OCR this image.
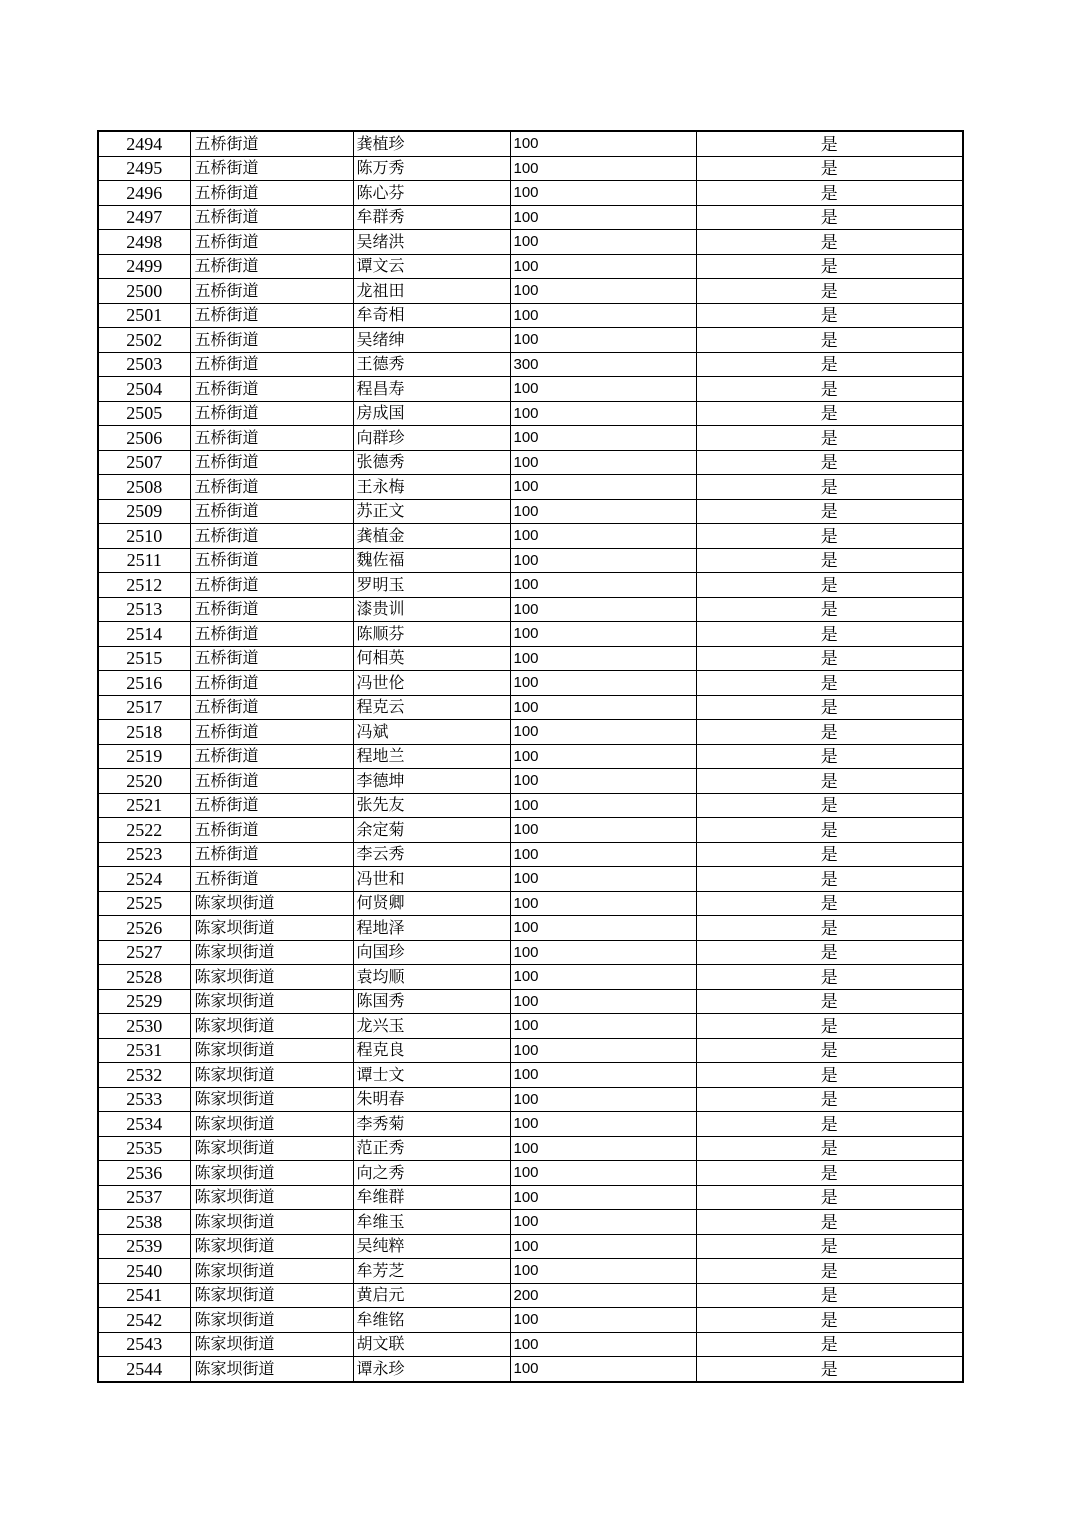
2494	五桥街道	龚植珍	100	是
2495	五桥街道	陈万秀	100	是
2496	五桥街道	陈心芬	100	是
2497	五桥街道	牟群秀	100	是
2498	五桥街道	吴绪洪	100	是
2499	五桥街道	谭文云	100	是
2500	五桥街道	龙祖田	100	是
2501	五桥街道	牟奇相	100	是
2502	五桥街道	吴绪绅	100	是
2503	五桥街道	王德秀	300	是
2504	五桥街道	程昌寿	100	是
2505	五桥街道	房成国	100	是
2506	五桥街道	向群珍	100	是
2507	五桥街道	张德秀	100	是
2508	五桥街道	王永梅	100	是
2509	五桥街道	苏正文	100	是
2510	五桥街道	龚植金	100	是
2511	五桥街道	魏佐福	100	是
2512	五桥街道	罗明玉	100	是
2513	五桥街道	漆贵训	100	是
2514	五桥街道	陈顺芬	100	是
2515	五桥街道	何相英	100	是
2516	五桥街道	冯世伦	100	是
2517	五桥街道	程克云	100	是
2518	五桥街道	冯斌	100	是
2519	五桥街道	程地兰	100	是
2520	五桥街道	李德坤	100	是
2521	五桥街道	张先友	100	是
2522	五桥街道	余定菊	100	是
2523	五桥街道	李云秀	100	是
2524	五桥街道	冯世和	100	是
2525	陈家坝街道	何贤卿	100	是
2526	陈家坝街道	程地泽	100	是
2527	陈家坝街道	向国珍	100	是
2528	陈家坝街道	袁均顺	100	是
2529	陈家坝街道	陈国秀	100	是
2530	陈家坝街道	龙兴玉	100	是
2531	陈家坝街道	程克良	100	是
2532	陈家坝街道	谭士文	100	是
2533	陈家坝街道	朱明春	100	是
2534	陈家坝街道	李秀菊	100	是
2535	陈家坝街道	范正秀	100	是
2536	陈家坝街道	向之秀	100	是
2537	陈家坝街道	牟维群	100	是
2538	陈家坝街道	牟维玉	100	是
2539	陈家坝街道	吴纯粹	100	是
2540	陈家坝街道	牟芳芝	100	是
2541	陈家坝街道	黄启元	200	是
2542	陈家坝街道	牟维铭	100	是
2543	陈家坝街道	胡文联	100	是
2544	陈家坝街道	谭永珍	100	是
